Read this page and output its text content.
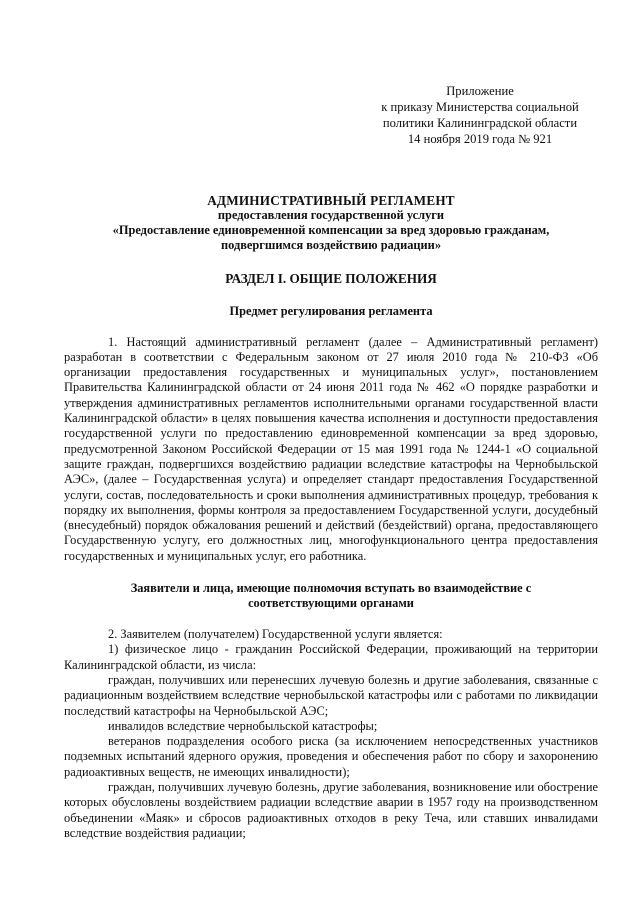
Приложение
к приказу Министерства социальной
политики Калининградской области
14 ноября 2019 года № 921
АДМИНИСТРАТИВНЫЙ РЕГЛАМЕНТ
предоставления государственной услуги
«Предоставление единовременной компенсации за вред здоровью гражданам,
подвергшимся воздействию радиации»
РАЗДЕЛ I. ОБЩИЕ ПОЛОЖЕНИЯ
Предмет регулирования регламента

1. Настоящий административный регламент (далее – Административный регламент) разработан в соответствии с Федеральным законом от 27 июля 2010 года № 210-ФЗ «Об организации предоставления государственных и муниципальных услуг», постановлением Правительства Калининградской области от 24 июня 2011 года № 462 «О порядке разработки и утверждения административных регламентов исполнительными органами государственной власти Калининградской области» в целях повышения качества исполнения и доступности предоставления государственной услуги по предоставлению единовременной компенсации за вред здоровью, предусмотренной Законом Российской Федерации от 15 мая 1991 года № 1244-1 «О социальной защите граждан, подвергшихся воздействию радиации вследствие катастрофы на Чернобыльской АЭС», (далее – Государственная услуга) и определяет стандарт предоставления Государственной услуги, состав, последовательность и сроки выполнения административных процедур, требования к порядку их выполнения, формы контроля за предоставлением Государственной услуги, досудебный (внесудебный) порядок обжалования решений и действий (бездействий) органа, предоставляющего Государственную услугу, его должностных лиц, многофункционального центра предоставления государственных и муниципальных услуг, его работника.

Заявители и лица, имеющие полномочия вступать во взаимодействие с
соответствующими органами

2. Заявителем (получателем) Государственной услуги является:

1) физическое лицо - гражданин Российской Федерации, проживающий на территории Калининградской области, из числа:

граждан, получивших или перенесших лучевую болезнь и другие заболевания, связанные с радиационным воздействием вследствие чернобыльской катастрофы или с работами по ликвидации последствий катастрофы на Чернобыльской АЭС;

инвалидов вследствие чернобыльской катастрофы;

ветеранов подразделения особого риска (за исключением непосредственных участников подземных испытаний ядерного оружия, проведения и обеспечения работ по сбору и захоронению радиоактивных веществ, не имеющих инвалидности);

граждан, получивших лучевую болезнь, другие заболевания, возникновение или обострение которых обусловлены воздействием радиации вследствие аварии в 1957 году на производственном объединении «Маяк» и сбросов радиоактивных отходов в реку Теча, или ставших инвалидами вследствие воздействия радиации;
